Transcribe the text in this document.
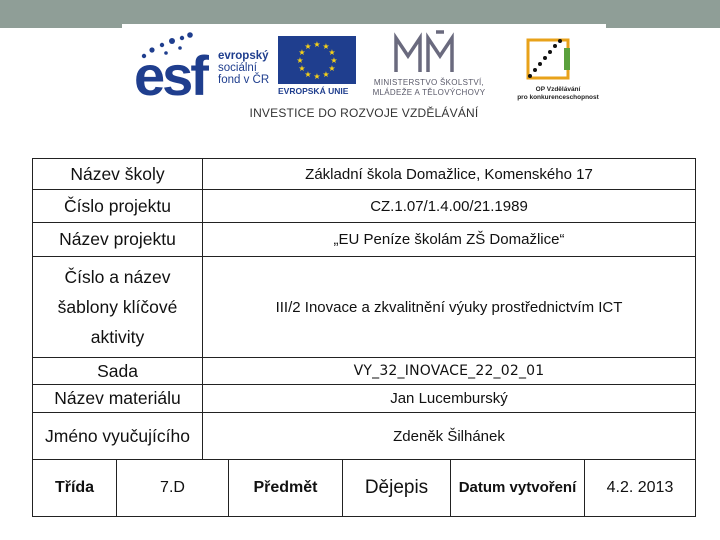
esf evropský
sociální
fond v ČR
★ ★
★
★
★
★
★
★
★
★
★
★
EVROPSKÁ UNIE
MINISTERSTVO ŠKOLSTVÍ,
MLÁDEŽE A TĚLOVÝCHOVY	OP Vzdělávání
pro konkurenceschopnost
INVESTICE DO ROZVOJE VZDĚLÁVÁNÍ
Název školy		Základní škola Domažlice, Komenského 17				
Číslo projektu		CZ.1.07/1.4.00/21.1989				
Název projektu		„EU Peníze školám ZŠ Domažlice“				
Číslo a název šablony klíčové aktivity		III/2 Inovace a zkvalitnění výuky prostřednictvím ICT				
Sada		VY_32_INOVACE_22_02_01				
Název materiálu		Jan Lucemburský				
Jméno vyučujícího		Zdeněk Šilhánek				
Třída	7.D		Předmět	Dějepis	Datum vytvoření	4.2. 2013
